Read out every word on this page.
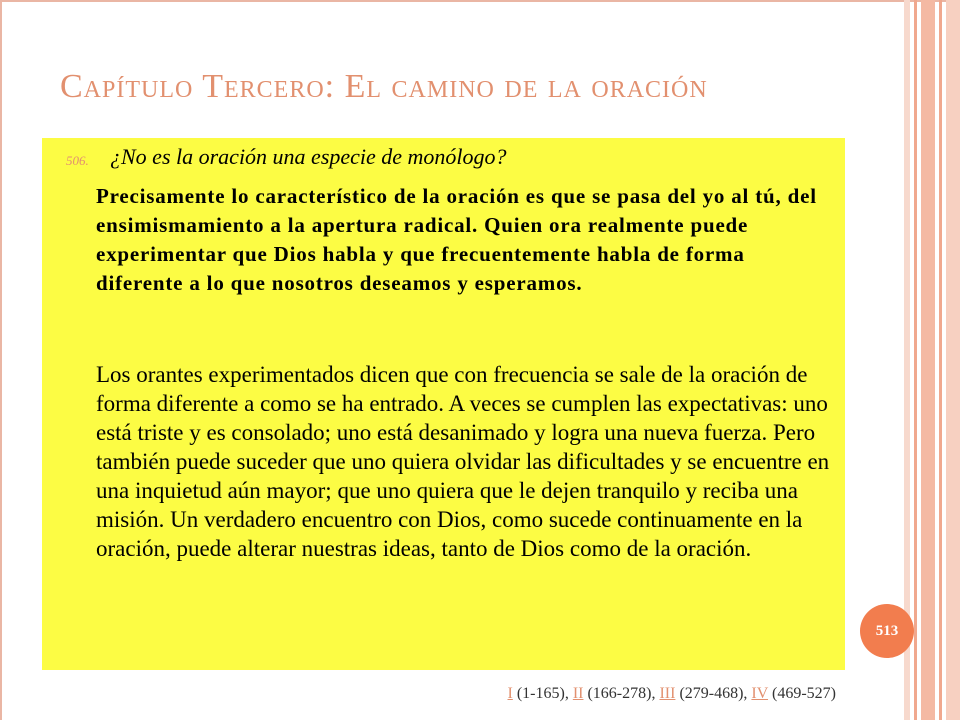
Capítulo Tercero: El camino de la oración
506. ¿No es la oración una especie de monólogo?
Precisamente lo característico de la oración es que se pasa del yo al tú, del ensimismamiento a la apertura radical. Quien ora realmente puede experimentar que Dios habla y que frecuentemente habla de forma diferente a lo que nosotros deseamos y esperamos.
Los orantes experimentados dicen que con frecuencia se sale de la oración de forma diferente a como se ha entrado. A veces se cumplen las expectativas: uno está triste y es consolado; uno está desanimado y logra una nueva fuerza. Pero también puede suceder que uno quiera olvidar las dificultades y se encuentre en una inquietud aún mayor; que uno quiera que le dejen tranquilo y reciba una misión. Un verdadero encuentro con Dios, como sucede continuamente en la oración, puede alterar nuestras ideas, tanto de Dios como de la oración.
513
I (1-165), II (166-278), III (279-468), IV (469-527)
